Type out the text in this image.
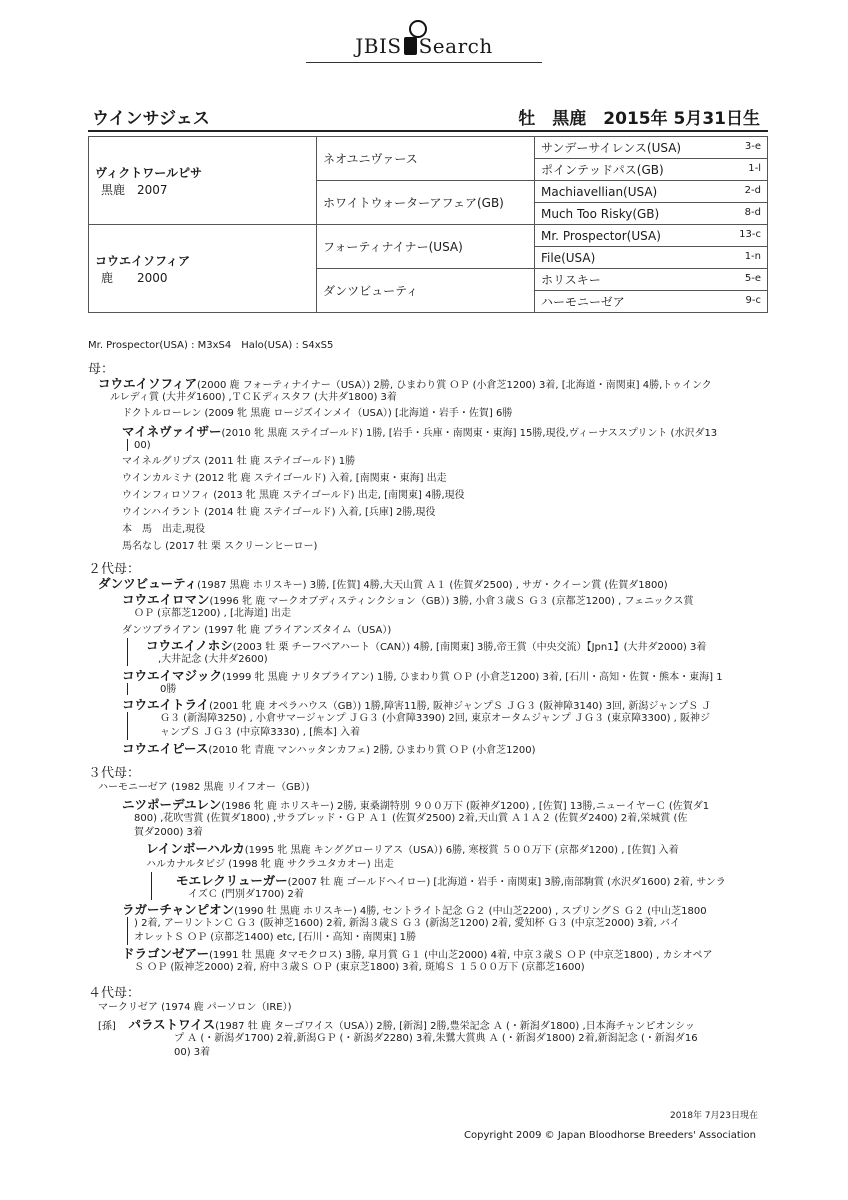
JBIS Search
ウインサジェス	牡　黒鹿　2015年 5月31日生
ヴィクトワールピサ
黒鹿　2007	ネオユニヴァース	サンデーサイレンス(USA) 3-e

		ポインテッドパス(GB) 1-l

	ホワイトウォーターアフェア(GB)	Machiavellian(USA) 2-d

		Much Too Risky(GB) 8-d

コウエイソフィア
鹿　　2000	フォーティナイナー(USA)	Mr. Prospector(USA) 13-c

		File(USA) 1-n

	ダンツビューティ	ホリスキー 5-e

		ハーモニーゼア 9-c
Mr. Prospector(USA) : M3xS4　Halo(USA) : S4xS5
母：
コウエイソフィア(2000 鹿 フォーティナイナー（USA）) 2勝, ひまわり賞 ＯＰ (小倉芝1200) 3着, [北海道・南関東] 4勝,トゥインク
ルレディ賞 (大井ダ1600) ,ＴＣＫディスタフ (大井ダ1800) 3着
ドクトルローレン (2009 牝 黒鹿 ロージズインメイ（USA）) [北海道・岩手・佐賀] 6勝
マイネヴァイザー(2010 牝 黒鹿 ステイゴールド) 1勝, [岩手・兵庫・南関東・東海] 15勝,現役,ヴィーナススプリント (水沢ダ13
00)
マイネルグリプス (2011 牡 鹿 ステイゴールド) 1勝
ウインカルミナ (2012 牝 鹿 ステイゴールド) 入着, [南関東・東海] 出走
ウインフィロソフィ (2013 牝 黒鹿 ステイゴールド) 出走, [南関東] 4勝,現役
ウインハイラント (2014 牡 鹿 ステイゴールド) 入着, [兵庫] 2勝,現役
本　馬　出走,現役
馬名なし (2017 牡 栗 スクリーンヒーロー)
２代母：
ダンツビューティ(1987 黒鹿 ホリスキー) 3勝, [佐賀] 4勝,大天山賞 Ａ１ (佐賀ダ2500) , サガ・クイーン賞 (佐賀ダ1800)
コウエイロマン(1996 牝 鹿 マークオブディスティンクション（GB）) 3勝, 小倉３歳Ｓ Ｇ３ (京都芝1200) , フェニックス賞
ＯＰ (京都芝1200) , [北海道] 出走
ダンツブライアン (1997 牝 鹿 ブライアンズタイム（USA）)
コウエイノホシ(2003 牡 栗 チーフベアハート（CAN）) 4勝, [南関東] 3勝,帝王賞（中央交流）【Jpn1】(大井ダ2000) 3着
,大井記念 (大井ダ2600)
コウエイマジック(1999 牝 黒鹿 ナリタブライアン) 1勝, ひまわり賞 ＯＰ (小倉芝1200) 3着, [石川・高知・佐賀・熊本・東海] 1
0勝
コウエイトライ(2001 牝 鹿 オペラハウス（GB）) 1勝,障害11勝, 阪神ジャンプＳ ＪＧ３ (阪神障3140) 3回, 新潟ジャンプＳ Ｊ
Ｇ３ (新潟障3250) , 小倉サマージャンプ ＪＧ３ (小倉障3390) 2回, 東京オータムジャンプ ＪＧ３ (東京障3300) , 阪神ジ
ャンプＳ ＪＧ３ (中京障3330) , [熊本] 入着
コウエイピース(2010 牝 青鹿 マンハッタンカフェ) 2勝, ひまわり賞 ＯＰ (小倉芝1200)
３代母：
ハーモニーゼア (1982 黒鹿 リイフオー（GB）)
ニツポーデユレン(1986 牝 鹿 ホリスキー) 2勝, 東桑湖特別 ９００万下 (阪神ダ1200) , [佐賀] 13勝,ニューイヤーＣ (佐賀ダ1
800) ,花吹雪賞 (佐賀ダ1800) ,サラブレッド・ＧＰ Ａ１ (佐賀ダ2500) 2着,天山賞 Ａ１Ａ２ (佐賀ダ2400) 2着,栄城賞 (佐
賀ダ2000) 3着
レインボーハルカ(1995 牝 黒鹿 キンググローリアス（USA）) 6勝, 寒桜賞 ５００万下 (京都ダ1200) , [佐賀] 入着
ハルカナルタビジ (1998 牝 鹿 サクラユタカオー) 出走
モエレクリューガー(2007 牡 鹿 ゴールドヘイロー) [北海道・岩手・南関東] 3勝,南部駒賞 (水沢ダ1600) 2着, サンラ
イズＣ (門別ダ1700) 2着
ラガーチャンピオン(1990 牡 黒鹿 ホリスキー) 4勝, セントライト記念 Ｇ２ (中山芝2200) , スプリングＳ Ｇ２ (中山芝1800
) 2着, アーリントンＣ Ｇ３ (阪神芝1600) 2着, 新潟３歳Ｓ Ｇ３ (新潟芝1200) 2着, 愛知杯 Ｇ３ (中京芝2000) 3着, バイ
オレットＳ ＯＰ (京都芝1400) etc, [石川・高知・南関東] 1勝
ドラゴンゼアー(1991 牡 黒鹿 タマモクロス) 3勝, 皐月賞 Ｇ１ (中山芝2000) 4着, 中京３歳Ｓ ＯＰ (中京芝1800) , カシオペア
Ｓ ＯＰ (阪神芝2000) 2着, 府中３歳Ｓ ＯＰ (東京芝1800) 3着, 斑鳩Ｓ １５００万下 (京都芝1600)
４代母：
マークリゼア (1974 鹿 パーソロン（IRE）)
[孫] パラストワイス(1987 牡 鹿 ターゴワイス（USA）) 2勝, [新潟] 2勝,豊栄記念 Ａ (・新潟ダ1800) ,日本海チャンピオンシッ
プ Ａ (・新潟ダ1700) 2着,新潟ＧＰ (・新潟ダ2280) 3着,朱鷺大賞典 Ａ (・新潟ダ1800) 2着,新潟記念 (・新潟ダ16
00) 3着
2018年 7月23日現在
Copyright 2009 © Japan Bloodhorse Breeders' Association
